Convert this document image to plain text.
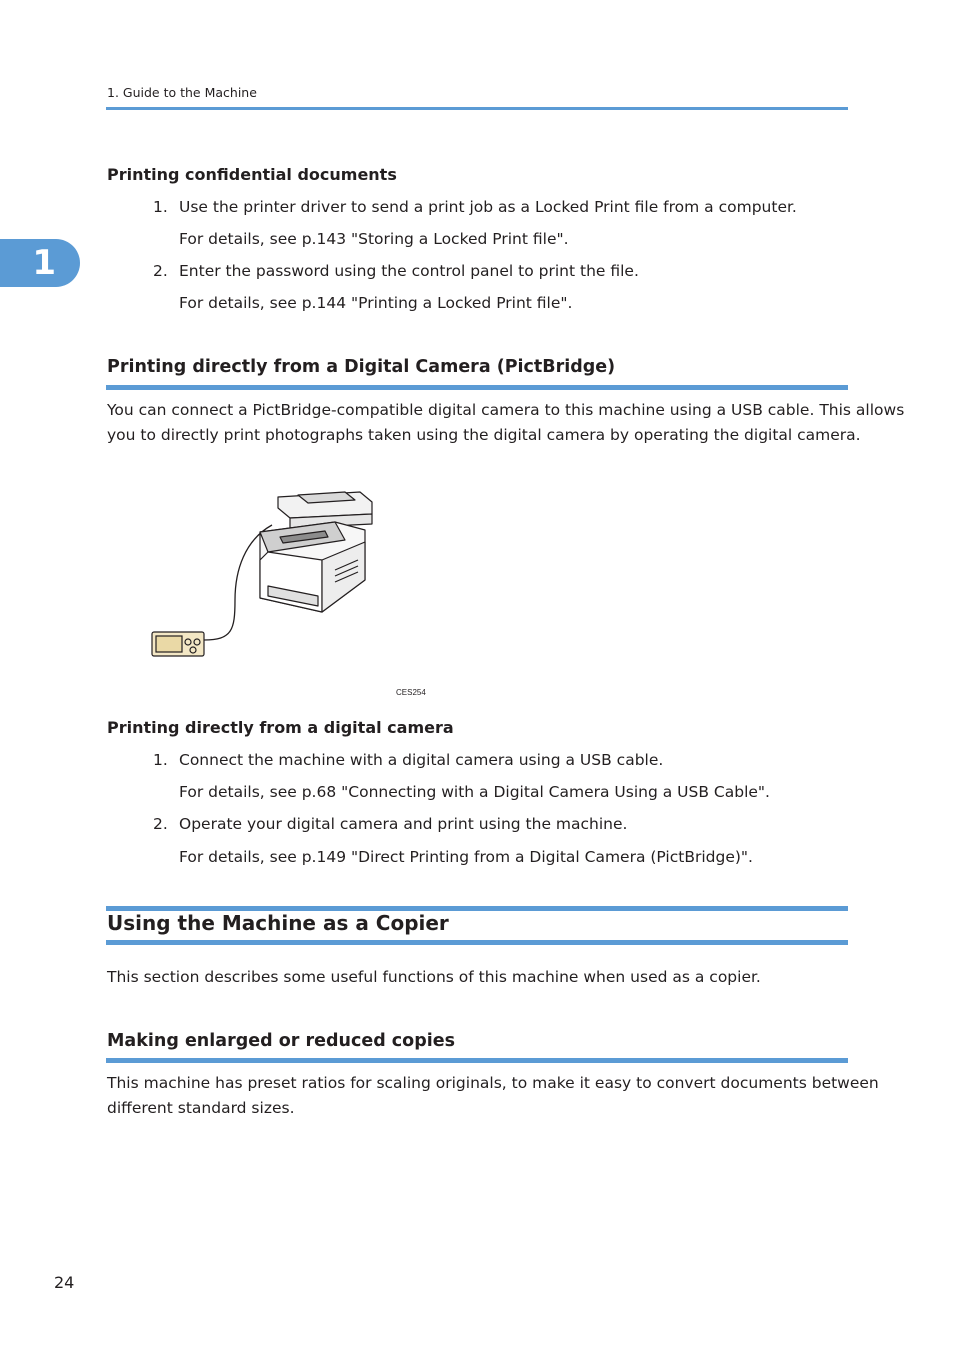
1. Guide to the Machine
1
Printing confidential documents
1. Use the printer driver to send a print job as a Locked Print file from a computer.
For details, see p.143 "Storing a Locked Print file".
2. Enter the password using the control panel to print the file.
For details, see p.144 "Printing a Locked Print file".
Printing directly from a Digital Camera (PictBridge)
You can connect a PictBridge-compatible digital camera to this machine using a USB cable. This allows
you to directly print photographs taken using the digital camera by operating the digital camera.
CES254
Printing directly from a digital camera
1. Connect the machine with a digital camera using a USB cable.
For details, see p.68 "Connecting with a Digital Camera Using a USB Cable".
2. Operate your digital camera and print using the machine.
For details, see p.149 "Direct Printing from a Digital Camera (PictBridge)".
Using the Machine as a Copier
This section describes some useful functions of this machine when used as a copier.
Making enlarged or reduced copies
This machine has preset ratios for scaling originals, to make it easy to convert documents between
different standard sizes.
24
